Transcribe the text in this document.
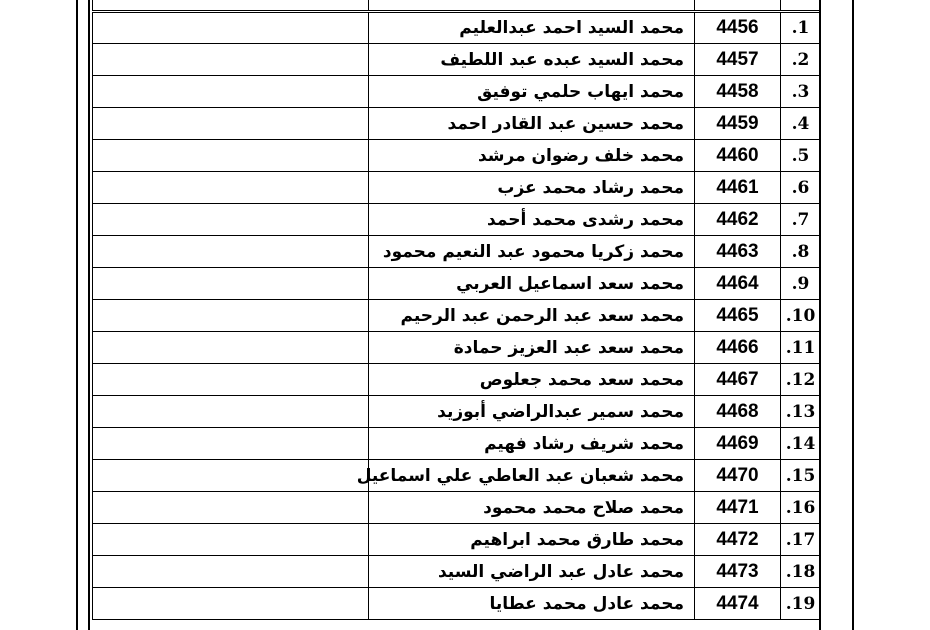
.1	4456	محمد السيد احمد عبدالعليم	
.2	4457	محمد السيد عبده عبد اللطيف	
.3	4458	محمد ايهاب حلمي توفيق	
.4	4459	محمد حسين عبد القادر احمد	
.5	4460	محمد خلف رضوان مرشد	
.6	4461	محمد رشاد محمد عزب	
.7	4462	محمد رشدى محمد أحمد	
.8	4463	محمد زكريا محمود عبد النعيم محمود	
.9	4464	محمد سعد اسماعيل العربي	
.10	4465	محمد سعد عبد الرحمن عبد الرحيم	
.11	4466	محمد سعد عبد العزيز حمادة	
.12	4467	محمد سعد محمد جعلوص	
.13	4468	محمد سمير عبدالراضي أبوزيد	
.14	4469	محمد شريف رشاد فهيم	
.15	4470	محمد شعبان عبد العاطي علي اسماعيل	
.16	4471	محمد صلاح محمد محمود	
.17	4472	محمد طارق محمد ابراهيم	
.18	4473	محمد عادل عبد الراضي السيد	
.19	4474	محمد عادل محمد عطايا	
